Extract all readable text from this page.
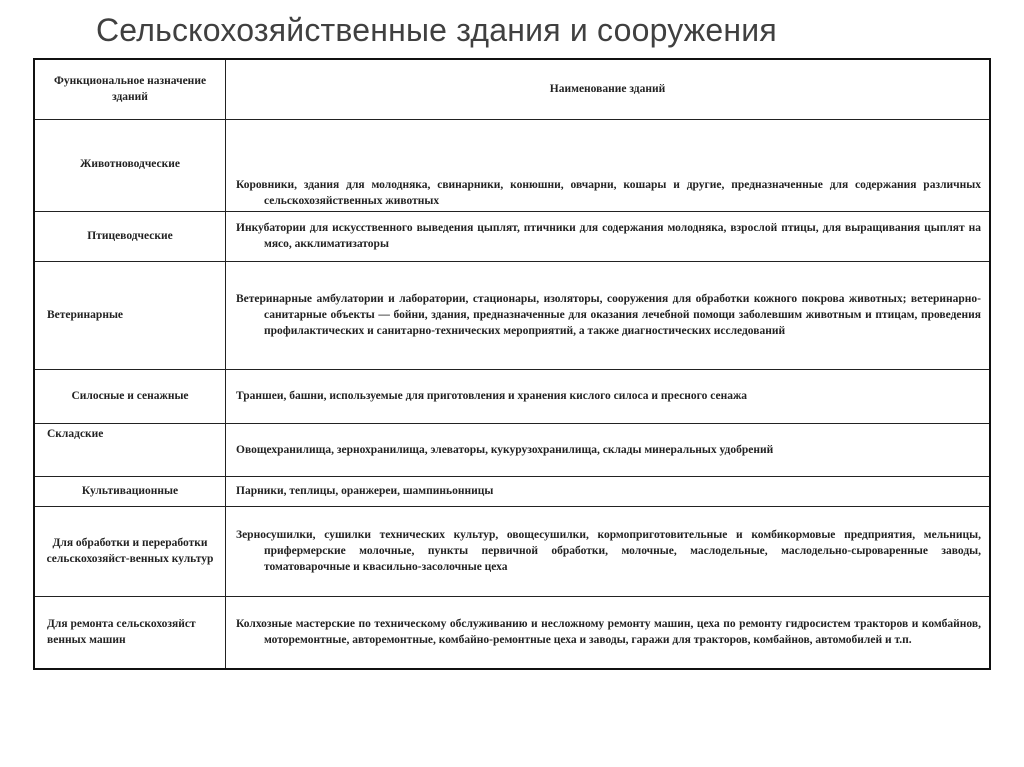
Сельскохозяйственные здания и сооружения
Функциональное назначение зданий	Наименование зданий
Животноводческие	Коровники, здания для молодняка, свинарники, конюшни, овчарни, кошары и другие, предназначенные для содержания различных сельскохозяйственных животных

Птицеводческие	Инкубатории для искусственного выведения цыплят, птичники для содержания молодняка, взрослой птицы, для выращивания цыплят на мясо, акклиматизаторы

Ветеринарные	Ветеринарные амбулатории и лаборатории, стационары, изоляторы, сооружения для обработки кожного покрова животных; ветеринарно-санитарные объекты — бойни, здания, предназначенные для оказания лечебной помощи заболевшим животным и птицам, проведения профилактических и санитарно-технических мероприятий, а также диагностических исследований

Силосные и сенажные	Траншеи, башни, используемые для приготовления и хранения кислого силоса и пресного сенажа

Складские	Овощехранилища, зернохранилища, элеваторы, кукурузохранилища, склады минеральных удобрений

Культивационные	Парники, теплицы, оранжереи, шампиньонницы

Для обработки и переработки сельскохозяйст-венных культур	Зерносушилки, сушилки технических культур, овощесушилки, кормоприготовительные и комбикормовые предприятия, мельницы, прифермерские молочные, пункты первичной обработки, молочные, маслодельные, маслодельно-сыроваренные заводы, томатоварочные и квасильно-засолочные цеха

Для ремонта сельскохозяйст венных машин	Колхозные мастерские по техническому обслуживанию и несложному ремонту машин, цеха по ремонту гидросистем тракторов и комбайнов, моторемонтные, авторемонтные, комбайно-ремонтные цеха и заводы, гаражи для тракторов, комбайнов, автомобилей и т.п.
